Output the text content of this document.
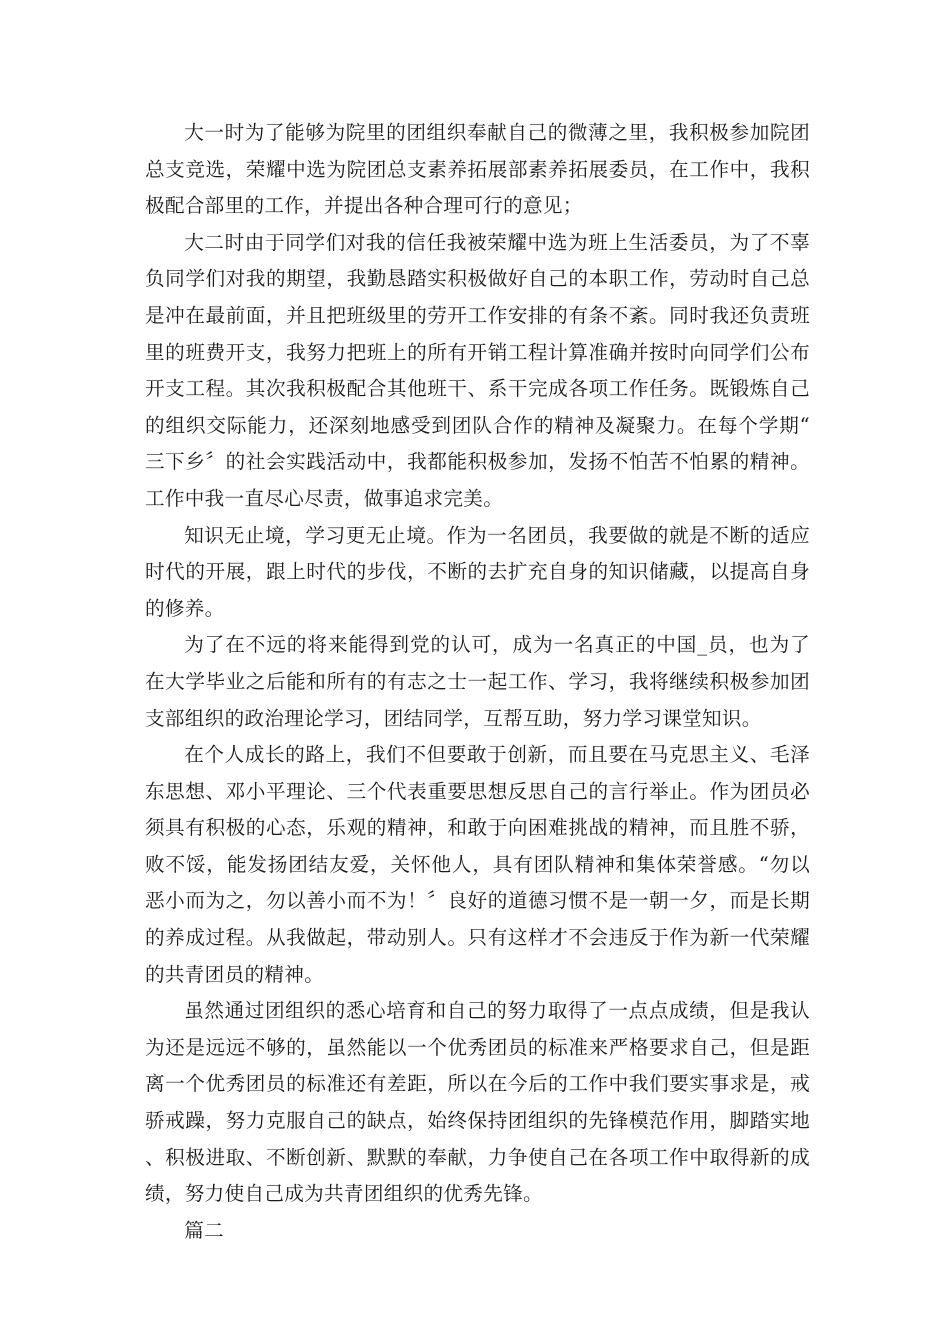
大一时为了能够为院里的团组织奉献自己的微薄之里，我积极参加院团总支竞选，荣耀中选为院团总支素养拓展部素养拓展委员，在工作中，我积极配合部里的工作，并提出各种合理可行的意见；

大二时由于同学们对我的信任我被荣耀中选为班上生活委员，为了不辜负同学们对我的期望，我勤恳踏实积极做好自己的本职工作，劳动时自己总是冲在最前面，并且把班级里的劳开工作安排的有条不紊。同时我还负责班里的班费开支，我努力把班上的所有开销工程计算准确并按时向同学们公布开支工程。其次我积极配合其他班干、系干完成各项工作任务。既锻炼自己的组织交际能力，还深刻地感受到团队合作的精神及凝聚力。在每个学期“三下乡〞的社会实践活动中，我都能积极参加，发扬不怕苦不怕累的精神。工作中我一直尽心尽责，做事追求完美。

知识无止境，学习更无止境。作为一名团员，我要做的就是不断的适应时代的开展，跟上时代的步伐，不断的去扩充自身的知识储藏，以提高自身的修养。

为了在不远的将来能得到党的认可，成为一名真正的中国_员，也为了在大学毕业之后能和所有的有志之士一起工作、学习，我将继续积极参加团支部组织的政治理论学习，团结同学，互帮互助，努力学习课堂知识。

在个人成长的路上，我们不但要敢于创新，而且要在马克思主义、毛泽东思想、邓小平理论、三个代表重要思想反思自己的言行举止。作为团员必须具有积极的心态，乐观的精神，和敢于向困难挑战的精神，而且胜不骄，败不馁，能发扬团结友爱，关怀他人，具有团队精神和集体荣誉感。“勿以恶小而为之，勿以善小而不为！〞良好的道德习惯不是一朝一夕，而是长期的养成过程。从我做起，带动别人。只有这样才不会违反于作为新一代荣耀的共青团员的精神。

虽然通过团组织的悉心培育和自己的努力取得了一点点成绩，但是我认为还是远远不够的，虽然能以一个优秀团员的标准来严格要求自己，但是距离一个优秀团员的标准还有差距，所以在今后的工作中我们要实事求是，戒骄戒躁，努力克服自己的缺点，始终保持团组织的先锋模范作用，脚踏实地、积极进取、不断创新、默默的奉献，力争使自己在各项工作中取得新的成绩，努力使自己成为共青团组织的优秀先锋。

篇二
